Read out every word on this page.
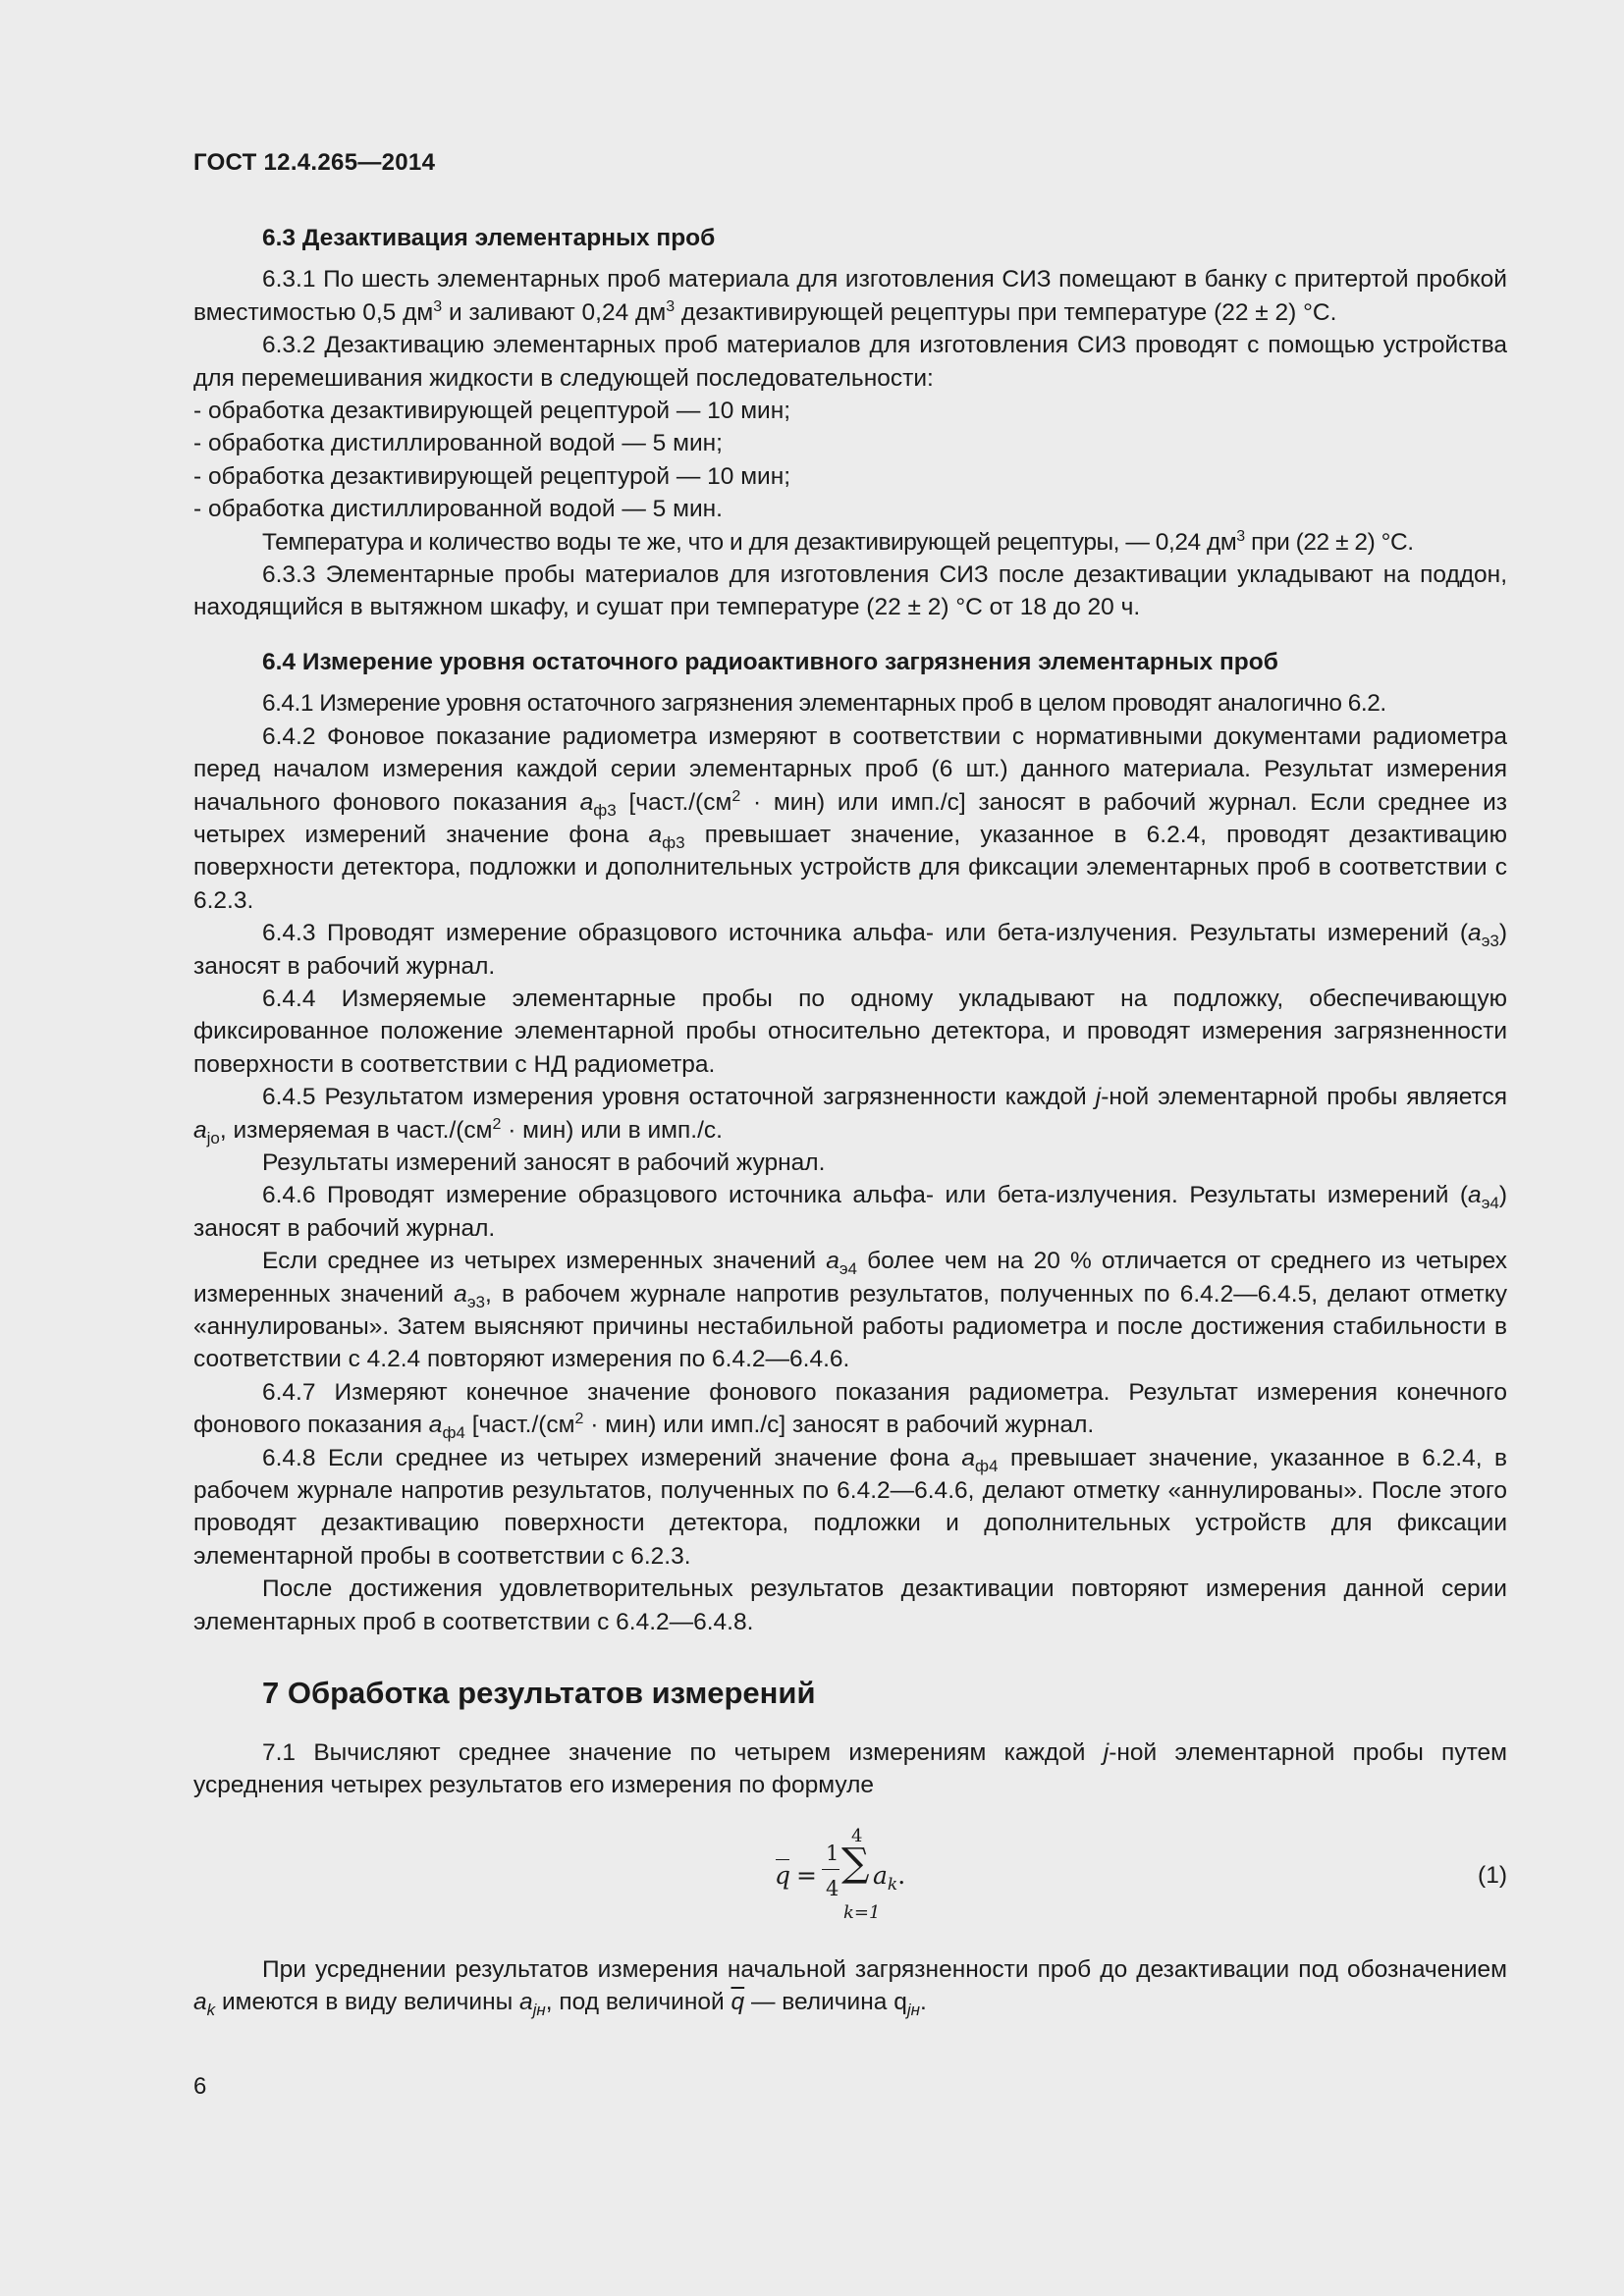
ГОСТ 12.4.265—2014

6.3 Дезактивация элементарных проб

6.3.1 По шесть элементарных проб материала для изготовления СИЗ помещают в банку с притертой пробкой вместимостью 0,5 $дм^3$ и заливают 0,24 $дм^3$ дезактивирующей рецептуры при температуре (22 ± 2) °С.

6.3.2 Дезактивацию элементарных проб материалов для изготовления СИЗ проводят с помощью устройства для перемешивания жидкости в следующей последовательности:

- обработка дезактивирующей рецептурой — 10 мин;

- обработка дистиллированной водой — 5 мин;

- обработка дезактивирующей рецептурой — 10 мин;

- обработка дистиллированной водой — 5 мин.

Температура и количество воды те же, что и для дезактивирующей рецептуры, — 0,24 $дм^3$ при (22 ± 2) °С.

6.3.3 Элементарные пробы материалов для изготовления СИЗ после дезактивации укладывают на поддон, находящийся в вытяжном шкафу, и сушат при температуре (22 ± 2) °С от 18 до 20 ч.

6.4 Измерение уровня остаточного радиоактивного загрязнения элементарных проб

6.4.1 Измерение уровня остаточного загрязнения элементарных проб в целом проводят аналогично 6.2.

6.4.2 Фоновое показание радиометра измеряют в соответствии с нормативными документами радиометра перед началом измерения каждой серии элементарных проб (6 шт.) данного материала. Результат измерения начального фонового показания $a_{ф3}$ [$част./(см^2 \cdot мин)$ или имп./с] заносят в рабочий журнал. Если среднее из четырех измерений значение фона $a_{ф3}$ превышает значение, указанное в 6.2.4, проводят дезактивацию поверхности детектора, подложки и дополнительных устройств для фиксации элементарных проб в соответствии с 6.2.3.

6.4.3 Проводят измерение образцового источника альфа- или бета-излучения. Результаты измерений $(a_{э3})$ заносят в рабочий журнал.

6.4.4 Измеряемые элементарные пробы по одному укладывают на подложку, обеспечивающую фиксированное положение элементарной пробы относительно детектора, и проводят измерения загрязненности поверхности в соответствии с НД радиометра.

6.4.5 Результатом измерения уровня остаточной загрязненности каждой j-ной элементарной пробы является $a_{jо}$, измеряемая в $част./(см^2 \cdot мин)$ или в имп./с.

Результаты измерений заносят в рабочий журнал.

6.4.6 Проводят измерение образцового источника альфа- или бета-излучения. Результаты измерений $(a_{э4})$ заносят в рабочий журнал.

Если среднее из четырех измеренных значений $a_{э4}$ более чем на 20 % отличается от среднего из четырех измеренных значений $a_{э3}$, в рабочем журнале напротив результатов, полученных по 6.4.2—6.4.5, делают отметку «аннулированы». Затем выясняют причины нестабильной работы радиометра и после достижения стабильности в соответствии с 4.2.4 повторяют измерения по 6.4.2—6.4.6.

6.4.7 Измеряют конечное значение фонового показания радиометра. Результат измерения конечного фонового показания $a_{ф4}$ [$част./(см^2 \cdot мин)$ или имп./с] заносят в рабочий журнал.

6.4.8 Если среднее из четырех измерений значение фона $a_{ф4}$ превышает значение, указанное в 6.2.4, в рабочем журнале напротив результатов, полученных по 6.4.2—6.4.6, делают отметку «аннулированы». После этого проводят дезактивацию поверхности детектора, подложки и дополнительных устройств для фиксации элементарной пробы в соответствии с 6.2.3.

После достижения удовлетворительных результатов дезактивации повторяют измерения данной серии элементарных проб в соответствии с 6.4.2—6.4.8.

7 Обработка результатов измерений

7.1 Вычисляют среднее значение по четырем измерениям каждой j-ной элементарной пробы путем усреднения четырех результатов его измерения по формуле

q =
1
4
∑
4
k=1
$a_k$.	(1)

При усреднении результатов измерения начальной загрязненности проб до дезактивации под обозначением $a_k$ имеются в виду величины $a_{jн}$, под величиной $\overline{q}$ — величина $q_{jн}$.

6
